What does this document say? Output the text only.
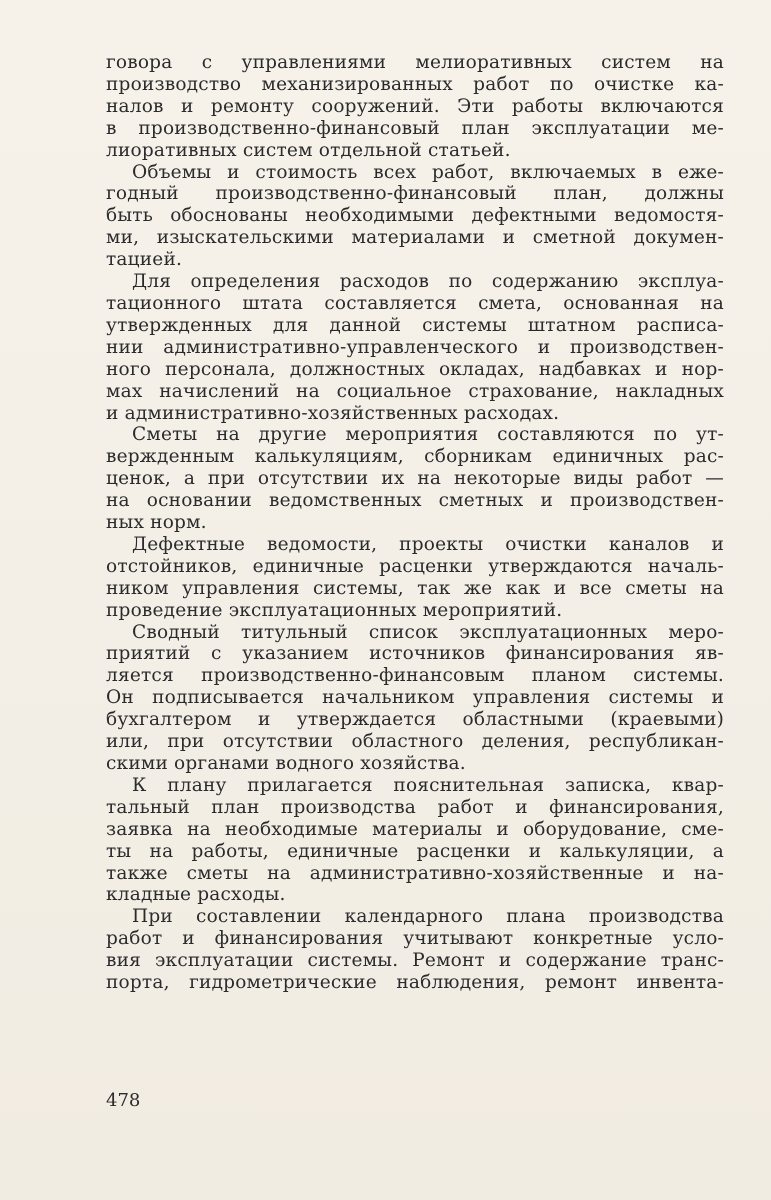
говора с управлениями мелиоративных систем на
производство механизированных работ по очистке ка-
налов и ремонту сооружений. Эти работы включаются
в производственно-финансовый план эксплуатации ме-
лиоративных систем отдельной статьей.

Объемы и стоимость всех работ, включаемых в еже-
годный производственно-финансовый план, должны
быть обоснованы необходимыми дефектными ведомостя-
ми, изыскательскими материалами и сметной докумен-
тацией.

Для определения расходов по содержанию эксплуа-
тационного штата составляется смета, основанная на
утвержденных для данной системы штатном расписа-
нии административно-управленческого и производствен-
ного персонала, должностных окладах, надбавках и нор-
мах начислений на социальное страхование, накладных
и административно-хозяйственных расходах.

Сметы на другие мероприятия составляются по ут-
вержденным калькуляциям, сборникам единичных рас-
ценок, а при отсутствии их на некоторые виды работ —
на основании ведомственных сметных и производствен-
ных норм.

Дефектные ведомости, проекты очистки каналов и
отстойников, единичные расценки утверждаются началь-
ником управления системы, так же как и все сметы на
проведение эксплуатационных мероприятий.

Сводный титульный список эксплуатационных меро-
приятий с указанием источников финансирования яв-
ляется производственно-финансовым планом системы.
Он подписывается начальником управления системы и
бухгалтером и утверждается областными (краевыми)
или, при отсутствии областного деления, республикан-
скими органами водного хозяйства.

К плану прилагается пояснительная записка, квар-
тальный план производства работ и финансирования,
заявка на необходимые материалы и оборудование, сме-
ты на работы, единичные расценки и калькуляции, а
также сметы на административно-хозяйственные и на-
кладные расходы.

При составлении календарного плана производства
работ и финансирования учитывают конкретные усло-
вия эксплуатации системы. Ремонт и содержание транс-
порта, гидрометрические наблюдения, ремонт инвента-

478
